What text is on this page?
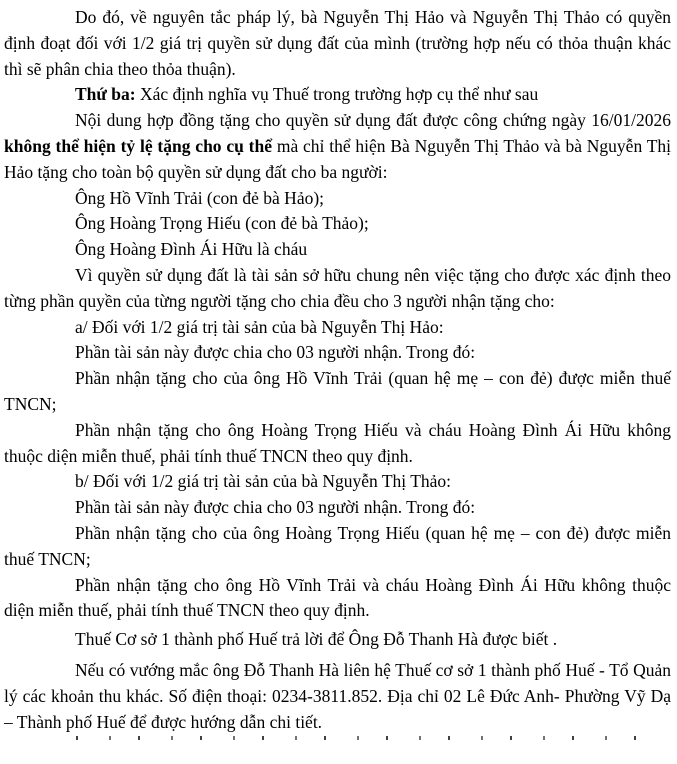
Do đó, về nguyên tắc pháp lý, bà Nguyễn Thị Hảo và Nguyễn Thị Thảo có quyền định đoạt đối với 1/2 giá trị quyền sử dụng đất của mình (trường hợp nếu có thỏa thuận khác thì sẽ phân chia theo thỏa thuận).

Thứ ba: Xác định nghĩa vụ Thuế trong trường hợp cụ thể như sau

Nội dung hợp đồng tặng cho quyền sử dụng đất được công chứng ngày 16/01/2026 không thể hiện tỷ lệ tặng cho cụ thể mà chỉ thể hiện Bà Nguyễn Thị Thảo và bà Nguyễn Thị Hảo tặng cho toàn bộ quyền sử dụng đất cho ba người:

Ông Hồ Vĩnh Trải (con đẻ bà Hảo);

Ông Hoàng Trọng Hiếu (con đẻ bà Thảo);

Ông Hoàng Đình Ái Hữu là cháu

Vì quyền sử dụng đất là tài sản sở hữu chung nên việc tặng cho được xác định theo từng phần quyền của từng người tặng cho chia đều cho 3 người nhận tặng cho:

a/ Đối với 1/2 giá trị tài sản của bà Nguyễn Thị Hảo:

Phần tài sản này được chia cho 03 người nhận. Trong đó:

Phần nhận tặng cho của ông Hồ Vĩnh Trải (quan hệ mẹ – con đẻ) được miễn thuế TNCN;

Phần nhận tặng cho ông Hoàng Trọng Hiếu và cháu Hoàng Đình Ái Hữu không thuộc diện miễn thuế, phải tính thuế TNCN theo quy định.

b/ Đối với 1/2 giá trị tài sản của bà Nguyễn Thị Thảo:

Phần tài sản này được chia cho 03 người nhận. Trong đó:

Phần nhận tặng cho của ông Hoàng Trọng Hiếu (quan hệ mẹ – con đẻ) được miễn thuế TNCN;

Phần nhận tặng cho ông Hồ Vĩnh Trải và cháu Hoàng Đình Ái Hữu không thuộc diện miễn thuế, phải tính thuế TNCN theo quy định.

Thuế Cơ sở 1 thành phố Huế trả lời để Ông Đỗ Thanh Hà được biết .

Nếu có vướng mắc ông Đỗ Thanh Hà liên hệ Thuế cơ sở 1 thành phố Huế - Tổ Quản lý các khoản thu khác. Số điện thoại: 0234-3811.852. Địa chỉ 02 Lê Đức Anh- Phường Vỹ Dạ – Thành phố Huế để được hướng dẫn chi tiết.
